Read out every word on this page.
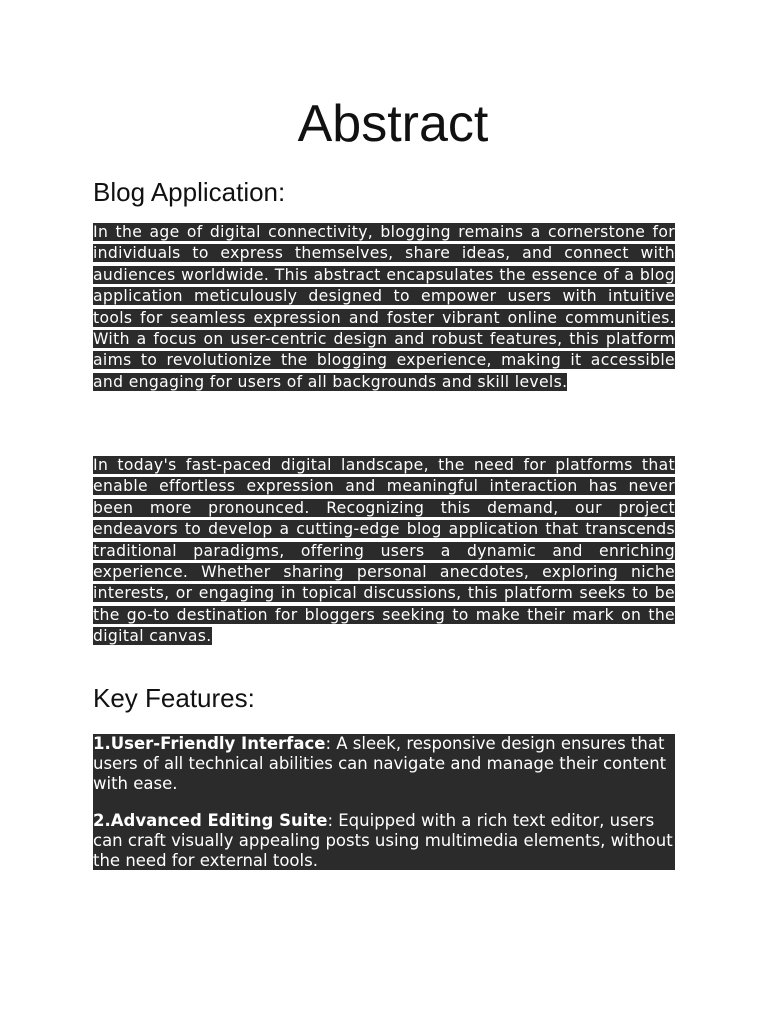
Abstract
Blog Application:

In the age of digital connectivity, blogging remains a cornerstone for individuals to express themselves, share ideas, and connect with audiences worldwide. This abstract encapsulates the essence of a blog application meticulously designed to empower users with intuitive tools for seamless expression and foster vibrant online communities. With a focus on user-centric design and robust features, this platform aims to revolutionize the blogging experience, making it accessible and engaging for users of all backgrounds and skill levels.

In today's fast-paced digital landscape, the need for platforms that enable effortless expression and meaningful interaction has never been more pronounced. Recognizing this demand, our project endeavors to develop a cutting-edge blog application that transcends traditional paradigms, offering users a dynamic and enriching experience. Whether sharing personal anecdotes, exploring niche interests, or engaging in topical discussions, this platform seeks to be the go-to destination for bloggers seeking to make their mark on the digital canvas.

Key Features:

1.User-Friendly Interface: A sleek, responsive design ensures that users of all technical abilities can navigate and manage their content with ease.

2.Advanced Editing Suite: Equipped with a rich text editor, users can craft visually appealing posts using multimedia elements, without the need for external tools.
